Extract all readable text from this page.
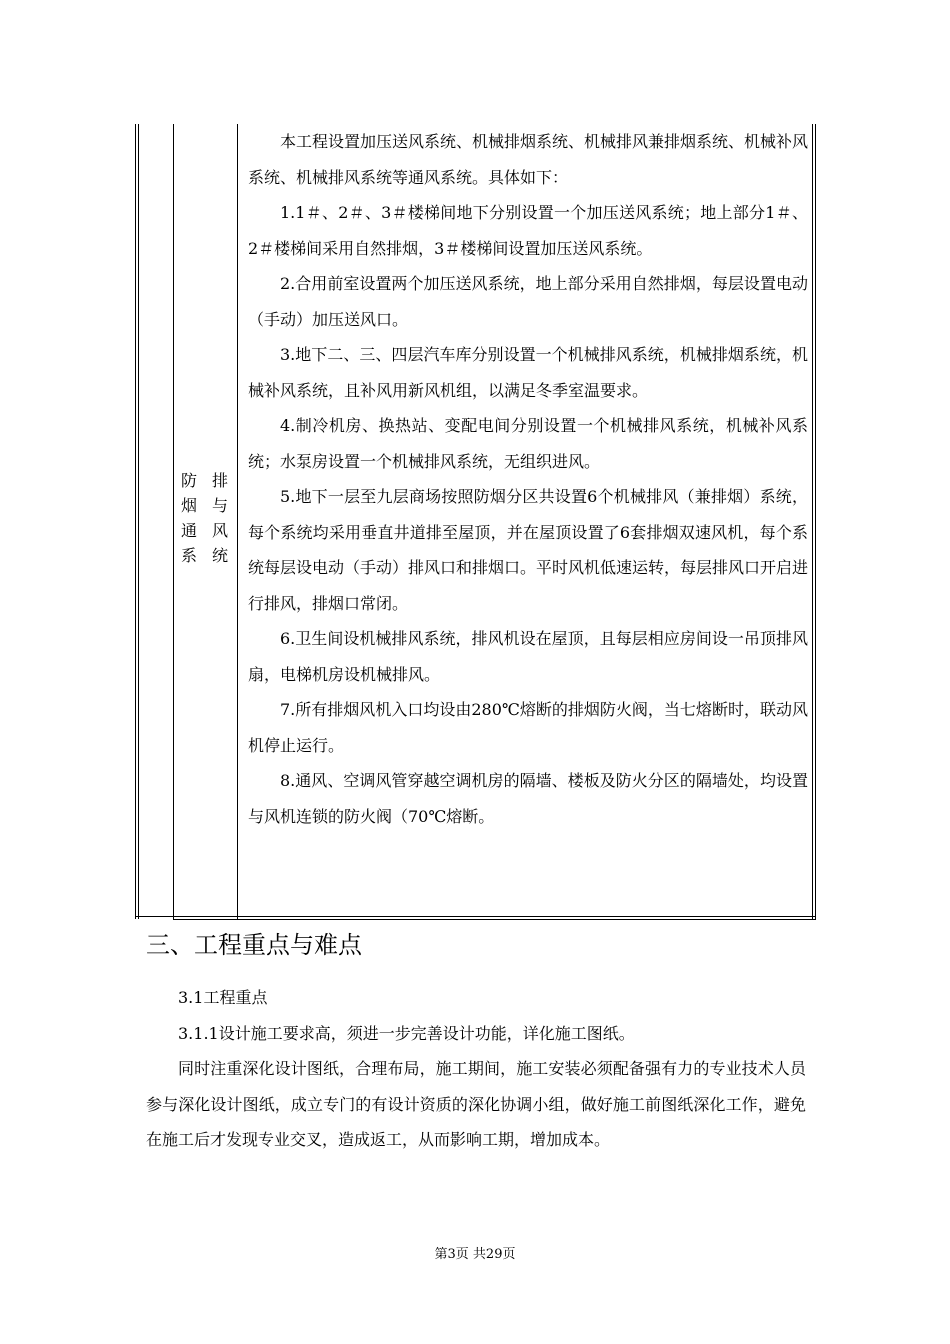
防排烟与通风系统

本工程设置加压送风系统、机械排烟系统、机械排风兼排烟系统、机械补风系统、机械排风系统等通风系统。具体如下：

1.1＃、2＃、3＃楼梯间地下分别设置一个加压送风系统；地上部分1＃、2＃楼梯间采用自然排烟，3＃楼梯间设置加压送风系统。

2.合用前室设置两个加压送风系统，地上部分采用自然排烟，每层设置电动（手动）加压送风口。

3.地下二、三、四层汽车库分别设置一个机械排风系统，机械排烟系统，机械补风系统，且补风用新风机组，以满足冬季室温要求。

4.制冷机房、换热站、变配电间分别设置一个机械排风系统，机械补风系统；水泵房设置一个机械排风系统，无组织进风。

5.地下一层至九层商场按照防烟分区共设置6个机械排风（兼排烟）系统，每个系统均采用垂直井道排至屋顶，并在屋顶设置了6套排烟双速风机，每个系统每层设电动（手动）排风口和排烟口。平时风机低速运转，每层排风口开启进行排风，排烟口常闭。

6.卫生间设机械排风系统，排风机设在屋顶，且每层相应房间设一吊顶排风扇，电梯机房设机械排风。

7.所有排烟风机入口均设由280℃熔断的排烟防火阀，当七熔断时，联动风机停止运行。

8.通风、空调风管穿越空调机房的隔墙、楼板及防火分区的隔墙处，均设置与风机连锁的防火阀（70℃熔断。

三、工程重点与难点

3.1工程重点

3.1.1设计施工要求高，须进一步完善设计功能，详化施工图纸。

同时注重深化设计图纸，合理布局，施工期间，施工安装必须配备强有力的专业技术人员参与深化设计图纸，成立专门的有设计资质的深化协调小组，做好施工前图纸深化工作，避免在施工后才发现专业交叉，造成返工，从而影响工期，增加成本。

第3页 共29页
